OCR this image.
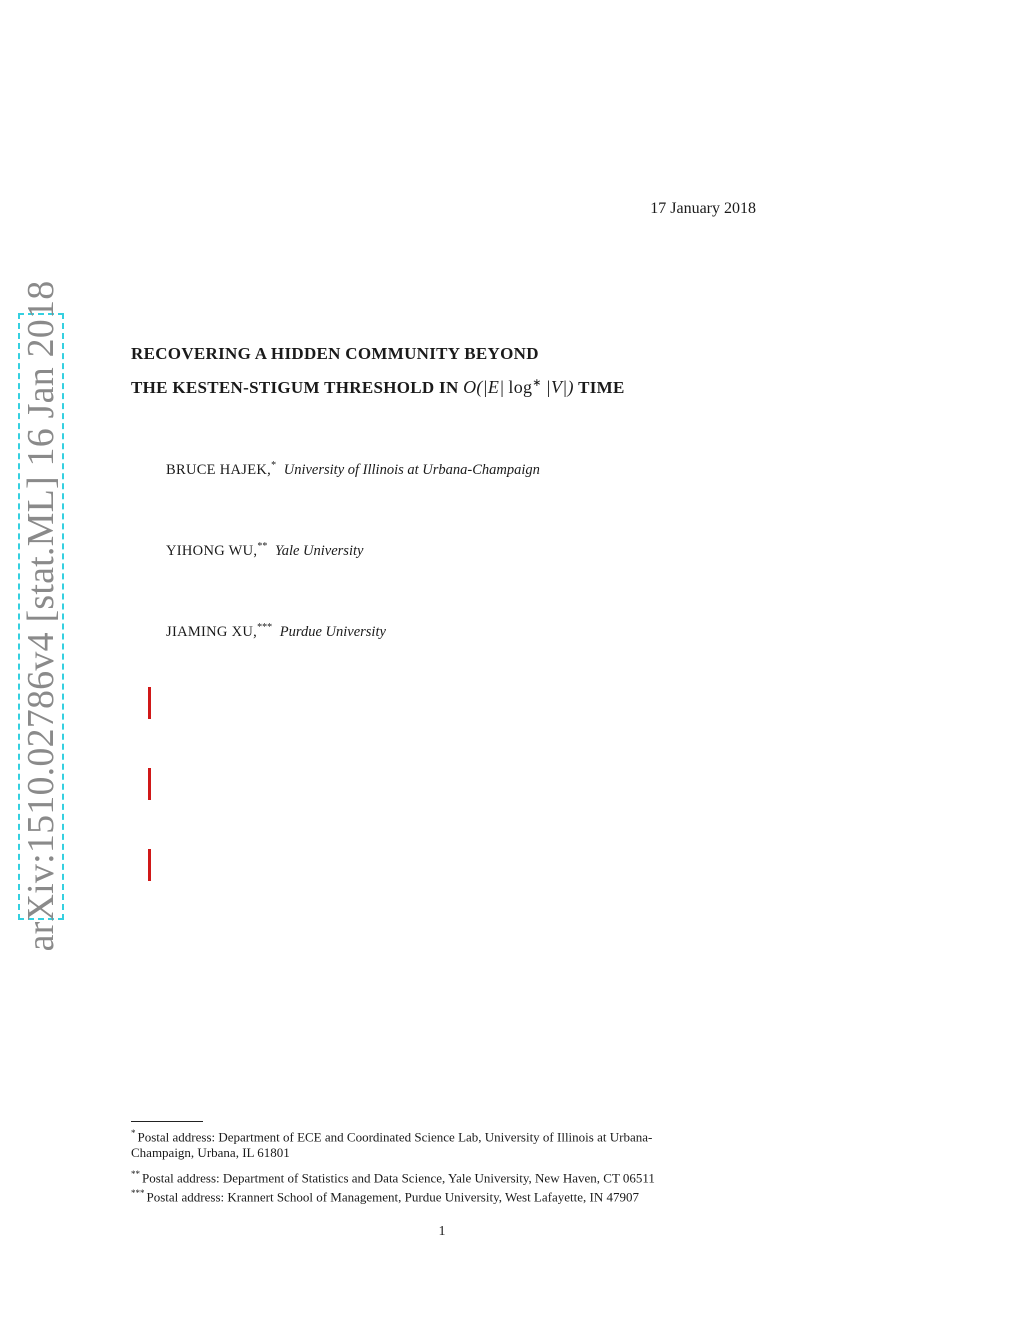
arXiv:1510.02786v4 [stat.ML] 16 Jan 2018
17 January 2018
RECOVERING A HIDDEN COMMUNITY BEYOND
THE KESTEN-STIGUM THRESHOLD IN O(|E| log∗ |V|) TIME
BRUCE HAJEK,* University of Illinois at Urbana-Champaign
YIHONG WU,** Yale University
JIAMING XU,*** Purdue University
* Postal address: Department of ECE and Coordinated Science Lab, University of Illinois at Urbana-
Champaign, Urbana, IL 61801
** Postal address: Department of Statistics and Data Science, Yale University, New Haven, CT 06511
*** Postal address: Krannert School of Management, Purdue University, West Lafayette, IN 47907
1
